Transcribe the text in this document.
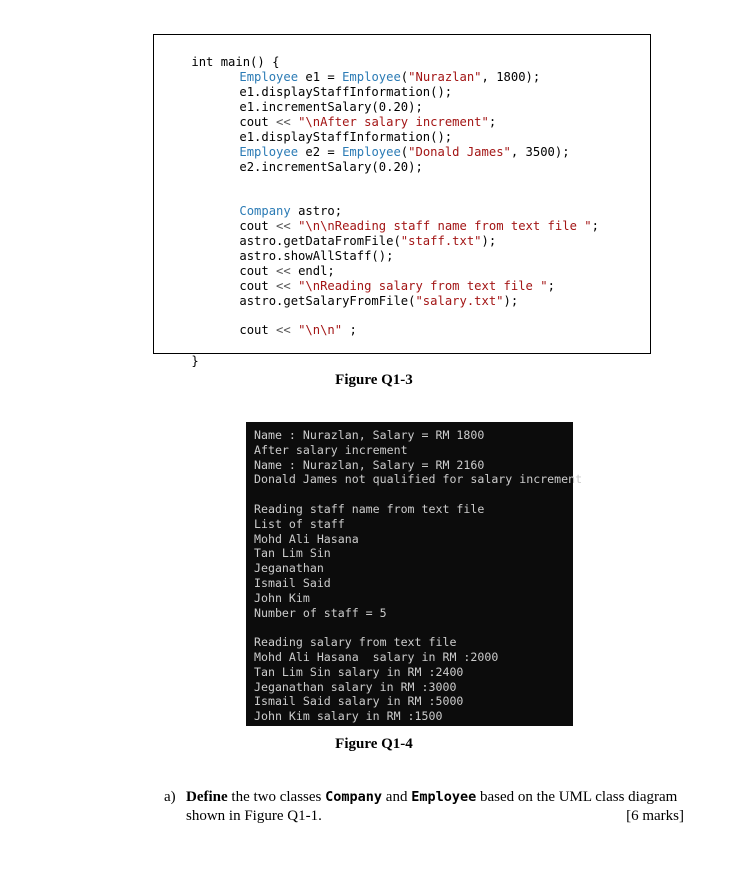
int main() {

Employee e1 = Employee("Nurazlan", 1800);

e1.displayStaffInformation();

e1.incrementSalary(0.20);

cout << "\nAfter salary increment";

e1.displayStaffInformation();

Employee e2 = Employee("Donald James", 3500);

e2.incrementSalary(0.20);

Company astro;

cout << "\n\nReading staff name from text file ";

astro.getDataFromFile("staff.txt");

astro.showAllStaff();

cout << endl;

cout << "\nReading salary from text file ";

astro.getSalaryFromFile("salary.txt");

cout << "\n\n" ;

}

Figure Q1-3
Name : Nurazlan, Salary = RM 1800
After salary increment
Name : Nurazlan, Salary = RM 2160
Donald James not qualified for salary increment
Reading staff name from text file
List of staff
Mohd Ali Hasana
Tan Lim Sin
Jeganathan
Ismail Said
John Kim
Number of staff = 5
Reading salary from text file
Mohd Ali Hasana  salary in RM :2000
Tan Lim Sin salary in RM :2400
Jeganathan salary in RM :3000
Ismail Said salary in RM :5000
John Kim salary in RM :1500
Figure Q1-4
a) Define the two classes Company and Employee based on the UML class diagram shown in Figure Q1-1.	[6 marks]
